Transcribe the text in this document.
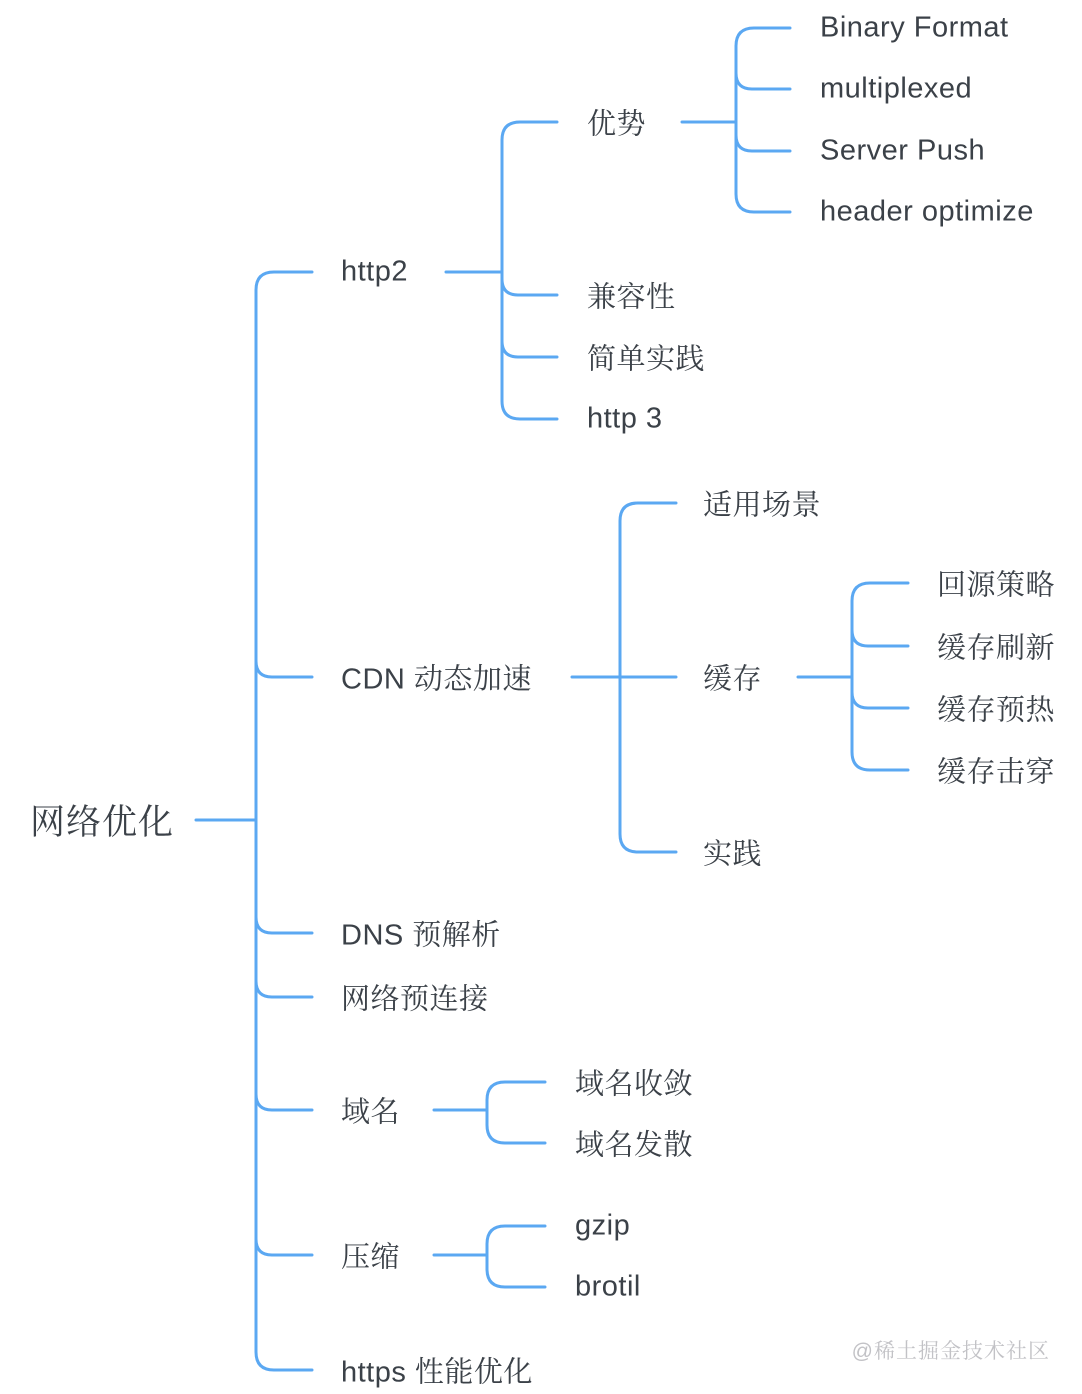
网络优化
http2
CDN 动态加速
DNS 预解析
网络预连接
域名
压缩
https 性能优化
优势
兼容性
简单实践
http 3
Binary Format
multiplexed
Server Push
header optimize
适用场景
缓存
实践
回源策略
缓存刷新
缓存预热
缓存击穿
域名收敛
域名发散
gzip
brotil
@稀土掘金技术社区
